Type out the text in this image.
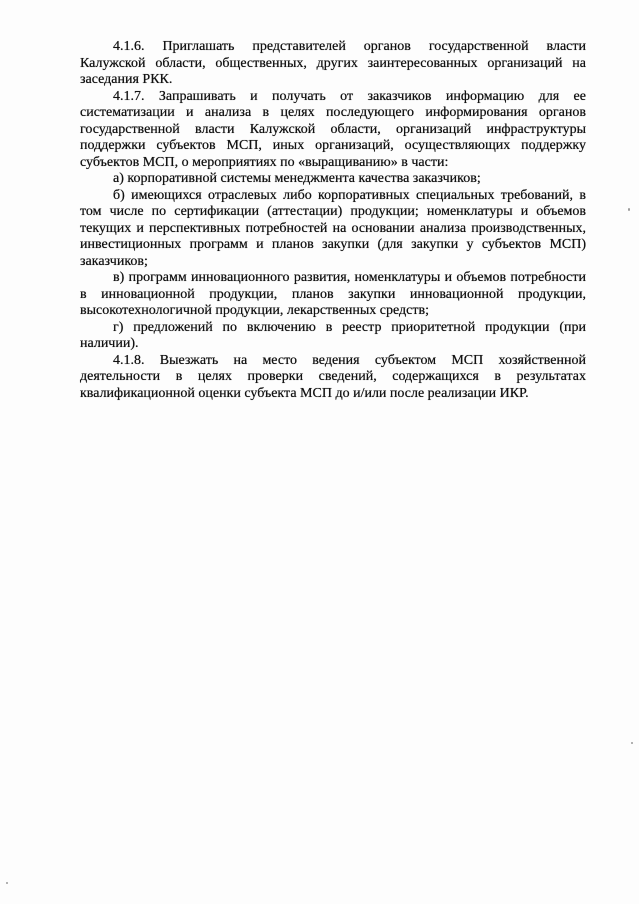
4.1.6. Приглашать представителей органов государственной власти
Калужской области, общественных, других заинтересованных организаций на
заседания РКК.
4.1.7. Запрашивать и получать от заказчиков информацию для ее
систематизации и анализа в целях последующего информирования органов
государственной власти Калужской области, организаций инфраструктуры
поддержки субъектов МСП, иных организаций, осуществляющих поддержку
субъектов МСП, о мероприятиях по «выращиванию» в части:
а) корпоративной системы менеджмента качества заказчиков;
б) имеющихся отраслевых либо корпоративных специальных требований, в
том числе по сертификации (аттестации) продукции; номенклатуры и объемов
текущих и перспективных потребностей на основании анализа производственных,
инвестиционных программ и планов закупки (для закупки у субъектов МСП)
заказчиков;
в) программ инновационного развития, номенклатуры и объемов потребности
в инновационной продукции, планов закупки инновационной продукции,
высокотехнологичной продукции, лекарственных средств;
г) предложений по включению в реестр приоритетной продукции (при
наличии).
4.1.8. Выезжать на место ведения субъектом МСП хозяйственной
деятельности в целях проверки сведений, содержащихся в результатах
квалификационной оценки субъекта МСП до и/или после реализации ИКР.
